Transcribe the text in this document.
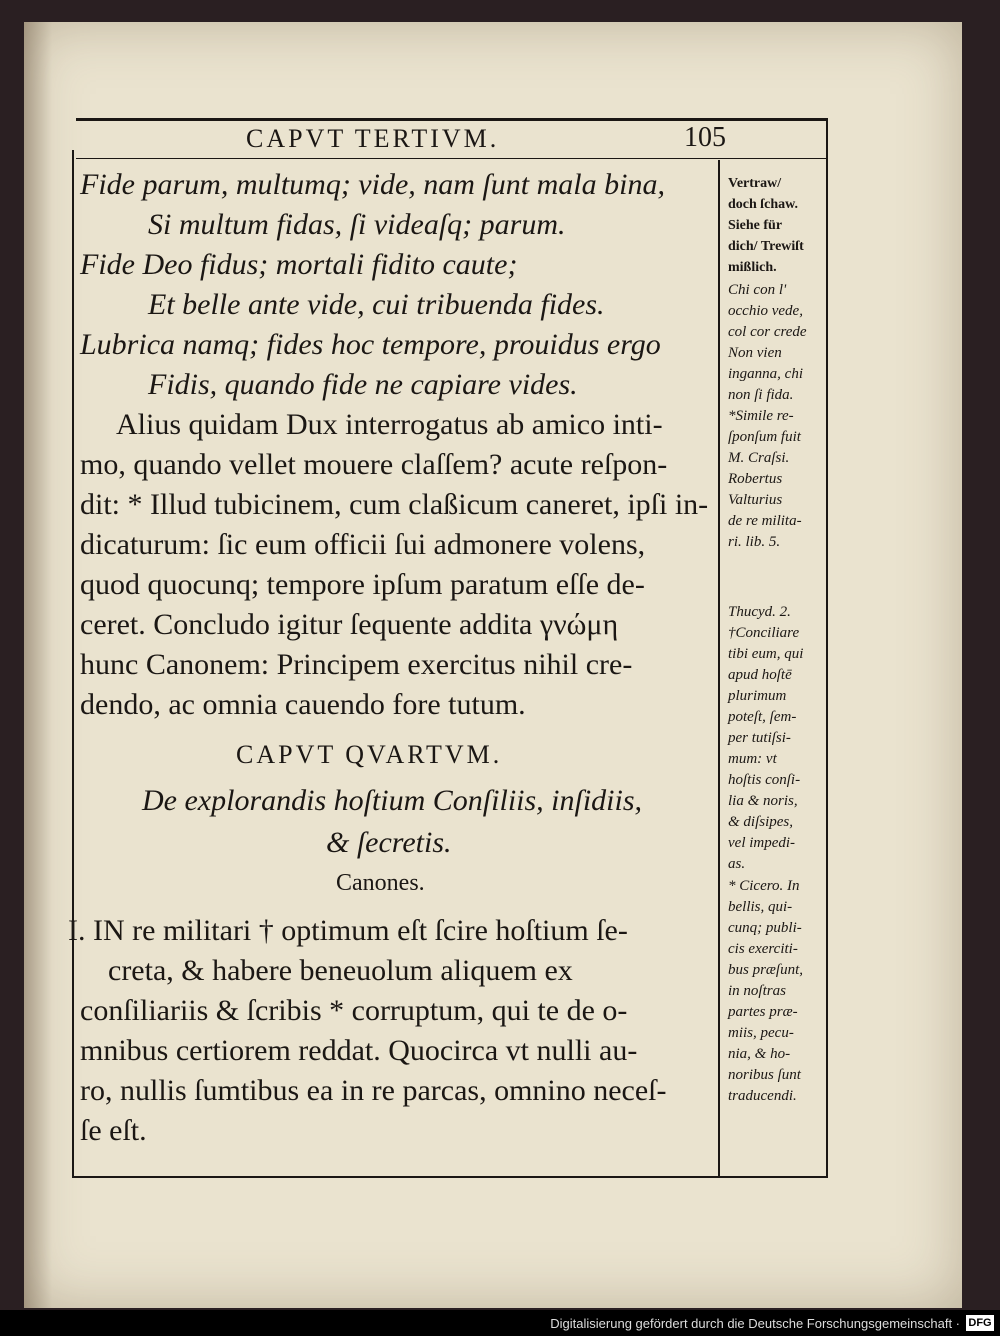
CAPVT TERTIVM.	105
Fide parum, multumq; vide, nam ſunt mala bina,
Si multum fidas, ſi videaſq; parum.
Fide Deo fidus; mortali fidito caute;
Et belle ante vide, cui tribuenda fides.
Lubrica namq; fides hoc tempore, prouidus ergo
Fidis, quando fide ne capiare vides.
Alius quidam Dux interrogatus ab amico inti-
mo, quando vellet mouere claſſem? acute reſpon-
dit: * Illud tubicinem, cum claßicum caneret, ipſi in-
dicaturum: ſic eum officii ſui admonere volens,
quod quocunq; tempore ipſum paratum eſſe de-
ceret. Concludo igitur ſequente addita γνώμη
hunc Canonem: Principem exercitus nihil cre-
dendo, ac omnia cauendo fore tutum.
CAPVT QVARTVM.
De explorandis hoſtium Conſiliis, inſidiis,
& ſecretis.
Canones.
I. IN re militari † optimum eſt ſcire hoſtium ſe-
creta, & habere beneuolum aliquem ex
conſiliariis & ſcribis * corruptum, qui te de o-
mnibus certiorem reddat. Quocirca vt nulli au-
ro, nullis ſumtibus ea in re parcas, omnino neceſ-
ſe eſt.
Vertraw/
doch ſchaw.
Siehe für
dich/ Trewiſt
mißlich.
Chi con l'
occhio vede,
col cor crede
Non vien
inganna, chi
non ſi fida.
*Simile re-
ſponſum fuit
M. Craſsi.
Robertus
Valturius
de re milita-
ri. lib. 5.
Thucyd. 2.
†Conciliare
tibi eum, qui
apud hoſtē
plurimum
poteſt, ſem-
per tutiſsi-
mum: vt
hoſtis conſi-
lia & noris,
& diſsipes,
vel impedi-
as.
* Cicero. In
bellis, qui-
cunq; publi-
cis exerciti-
bus præſunt,
in noſtras
partes præ-
miis, pecu-
nia, & ho-
noribus ſunt
traducendi.
Digitalisierung gefördert durch die Deutsche Forschungsgemeinschaft · DFG
